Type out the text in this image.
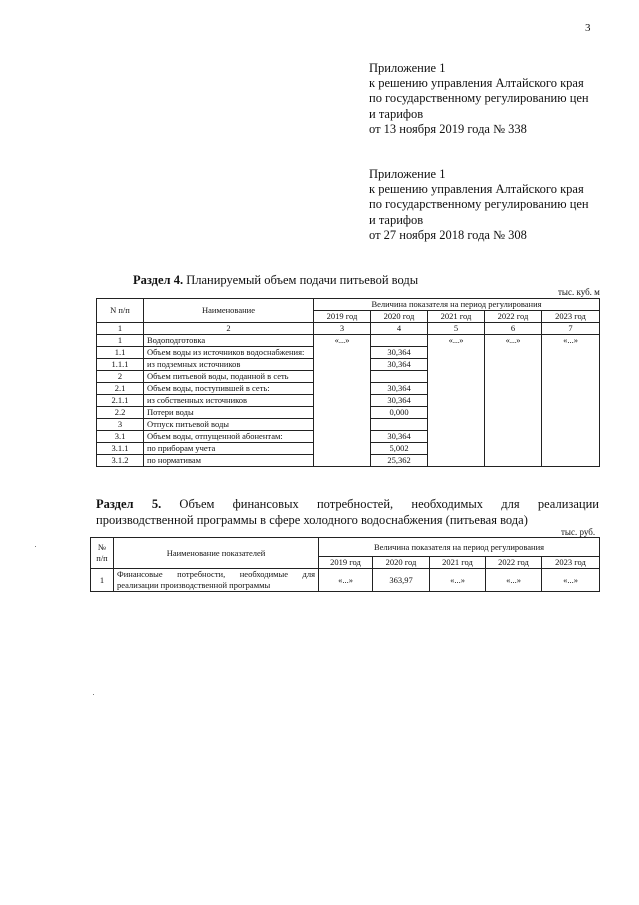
3
Приложение 1
к решению управления Алтайского края
по государственному регулированию цен
и тарифов
от 13 ноября 2019 года № 338
Приложение 1
к решению управления Алтайского края
по государственному регулированию цен
и тарифов
от 27 ноября 2018 года № 308
Раздел 4. Планируемый объем подачи питьевой воды
тыс. куб. м
N п/п	Наименование	Величина показателя на период регулирования				
		2019 год	2020 год	2021 год	2022 год	2023 год
1	2	3	4	5	6	7
1	Водоподготовка	«...»		«...»	«...»	«...»
1.1	Объем воды из источников водоснабжения:		30,364			
1.1.1	из подземных источников		30,364			
2	Объем питьевой воды, поданной в сеть					
2.1	Объем воды, поступившей в сеть:		30,364			
2.1.1	из собственных источников		30,364			
2.2	Потери воды		0,000			
3	Отпуск питьевой воды					
3.1	Объем воды, отпущенной абонентам:		30,364			
3.1.1	по приборам учета		5,002			
3.1.2	по нормативам		25,362			
Раздел 5. Объем финансовых потребностей, необходимых для реализации
производственной программы в сфере холодного водоснабжения (питьевая вода)
тыс. руб.
№ п/п	Наименование показателей	Величина показателя на период регулирования				
		2019 год	2020 год	2021 год	2022 год	2023 год
1	Финансовые потребности, необходимые для реализации производственной программы	«...»	363,97	«...»	«...»	«...»
